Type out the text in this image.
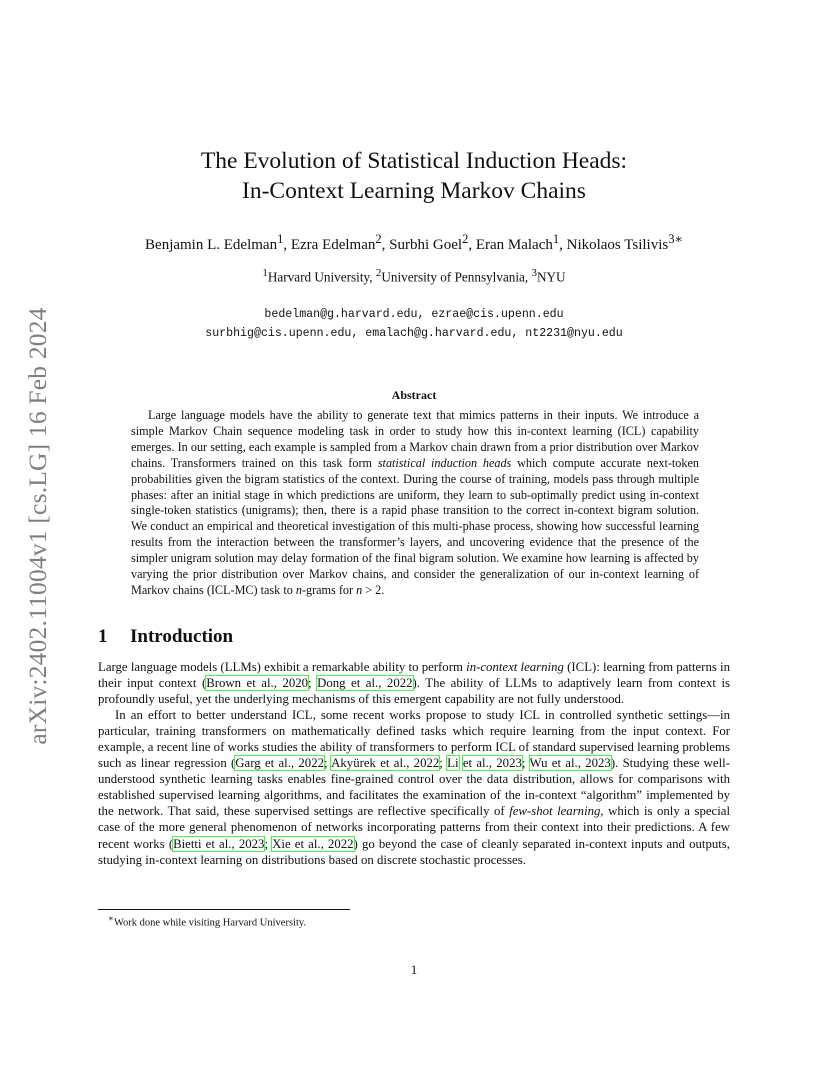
arXiv:2402.11004v1 [cs.LG] 16 Feb 2024
The Evolution of Statistical Induction Heads:
In-Context Learning Markov Chains
Benjamin L. Edelman$^1$, Ezra Edelman$^2$, Surbhi Goel$^2$, Eran Malach$^1$, Nikolaos Tsilivis$^{3∗}$
$^1$Harvard University, $^2$University of Pennsylvania, $^3$NYU
bedelman@g.harvard.edu, ezrae@cis.upenn.edu
surbhig@cis.upenn.edu, emalach@g.harvard.edu, nt2231@nyu.edu
Abstract
Large language models have the ability to generate text that mimics patterns in their inputs. We introduce a simple Markov Chain sequence modeling task in order to study how this in-context learning (ICL) capability emerges. In our setting, each example is sampled from a Markov chain drawn from a prior distribution over Markov chains. Transformers trained on this task form statistical induction heads which compute accurate next-token probabilities given the bigram statistics of the context. During the course of training, models pass through multiple phases: after an initial stage in which predictions are uniform, they learn to sub-optimally predict using in-context single-token statistics (unigrams); then, there is a rapid phase transition to the correct in-context bigram solution. We conduct an empirical and theoretical investigation of this multi-phase process, showing how successful learning results from the interaction between the transformer’s layers, and uncovering evidence that the presence of the simpler unigram solution may delay formation of the final bigram solution. We examine how learning is affected by varying the prior distribution over Markov chains, and consider the generalization of our in-context learning of Markov chains (ICL-MC) task to n-grams for n > 2.
1 Introduction

Large language models (LLMs) exhibit a remarkable ability to perform in-context learning (ICL): learning from patterns in their input context (Brown et al., 2020; Dong et al., 2022). The ability of LLMs to adaptively learn from context is profoundly useful, yet the underlying mechanisms of this emergent capability are not fully understood.

In an effort to better understand ICL, some recent works propose to study ICL in controlled synthetic settings—in particular, training transformers on mathematically defined tasks which require learning from the input context. For example, a recent line of works studies the ability of transformers to perform ICL of standard supervised learning problems such as linear regression (Garg et al., 2022; Akyürek et al., 2022; Li et al., 2023; Wu et al., 2023). Studying these well-understood synthetic learning tasks enables fine-grained control over the data distribution, allows for comparisons with established supervised learning algorithms, and facilitates the examination of the in-context “algorithm” implemented by the network. That said, these supervised settings are reflective specifically of few-shot learning, which is only a special case of the more general phenomenon of networks incorporating patterns from their context into their predictions. A few recent works (Bietti et al., 2023; Xie et al., 2022) go beyond the case of cleanly separated in-context inputs and outputs, studying in-context learning on distributions based on discrete stochastic processes.

∗Work done while visiting Harvard University.
1
